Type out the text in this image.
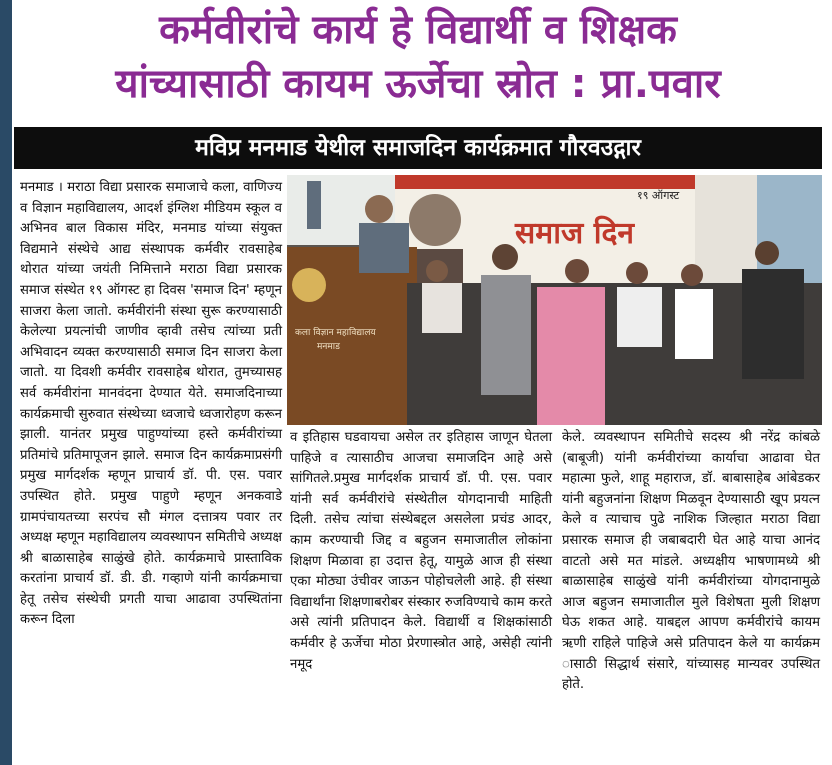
कर्मवीरांचे कार्य हे विद्यार्थी व शिक्षक
यांच्यासाठी कायम ऊर्जेचा स्रोत : प्रा.पवार
मविप्र मनमाड येथील समाजदिन कार्यक्रमात गौरवउद्गार

मनमाड । मराठा विद्या प्रसारक समाजाचे कला, वाणिज्य व विज्ञान महाविद्यालय, आदर्श इंग्लिश मीडियम स्कूल व अभिनव बाल विकास मंदिर, मनमाड यांच्या संयुक्त विद्यमाने संस्थेचे आद्य संस्थापक कर्मवीर रावसाहेब थोरात यांच्या जयंती निमित्ताने मराठा विद्या प्रसारक समाज संस्थेत १९ ऑगस्ट हा दिवस 'समाज दिन' म्हणून साजरा केला जातो. कर्मवीरांनी संस्था सुरू करण्यासाठी केलेल्या प्रयत्नांची जाणीव व्हावी तसेच त्यांच्या प्रती अभिवादन व्यक्त करण्यासाठी समाज दिन साजरा केला जातो. या दिवशी कर्मवीर रावसाहेब थोरात, तुमच्यासह सर्व कर्मवीरांना मानवंदना देण्यात येते. समाजदिनाच्या कार्यक्रमाची सुरुवात संस्थेच्या ध्वजाचे ध्वजारोहण करून झाली. यानंतर प्रमुख पाहुण्यांच्या हस्ते कर्मवीरांच्या प्रतिमांचे प्रतिमापूजन झाले. समाज दिन कार्यक्रमाप्रसंगी प्रमुख मार्गदर्शक म्हणून प्राचार्य डॉ. पी. एस. पवार उपस्थित होते. प्रमुख पाहुणे म्हणून अनकवाडे ग्रामपंचायतच्या सरपंच सौ मंगल दत्तात्रय पवार तर अध्यक्ष म्हणून महाविद्यालय व्यवस्थापन समितीचे अध्यक्ष श्री बाळासाहेब साळुंखे होते. कार्यक्रमाचे प्रास्ताविक करतांना प्राचार्य डॉ. डी. डी. गव्हाणे यांनी कार्यक्रमाचा हेतू तसेच संस्थेची प्रगती याचा आढावा उपस्थितांना करून दिला

समाज दिन
१९ ऑगस्ट
कला विज्ञान महाविद्यालय
मनमाड

व इतिहास घडवायचा असेल तर इतिहास जाणून घेतला पाहिजे व त्यासाठीच आजचा समाजदिन आहे असे सांगितले.प्रमुख मार्गदर्शक प्राचार्य डॉ. पी. एस. पवार यांनी सर्व कर्मवीरांचे संस्थेतील योगदानाची माहिती दिली. तसेच त्यांचा संस्थेबद्दल असलेला प्रचंड आदर, काम करण्याची जिद्द व बहुजन समाजातील लोकांना शिक्षण मिळावा हा उदात्त हेतू, यामुळे आज ही संस्था एका मोठ्या उंचीवर जाऊन पोहोचलेली आहे. ही संस्था विद्यार्थांना शिक्षणाबरोबर संस्कार रुजविण्याचे काम करते असे त्यांनी प्रतिपादन केले. विद्यार्थी व शिक्षकांसाठी कर्मवीर हे ऊर्जेचा मोठा प्रेरणास्त्रोत आहे, असेही त्यांनी नमूद

केले. व्यवस्थापन समितीचे सदस्य श्री नरेंद्र कांबळे (बाबूजी) यांनी कर्मवीरांच्या कार्याचा आढावा घेत महात्मा फुले, शाहू महाराज, डॉ. बाबासाहेब आंबेडकर यांनी बहुजनांना शिक्षण मिळवून देण्यासाठी खूप प्रयत्न केले व त्याचाच पुढे नाशिक जिल्हात मराठा विद्या प्रसारक समाज ही जबाबदारी घेत आहे याचा आनंद वाटतो असे मत मांडले. अध्यक्षीय भाषणामध्ये श्री बाळासाहेब साळुंखे यांनी कर्मवीरांच्या योगदानामुळे आज बहुजन समाजातील मुले विशेषता मुली शिक्षण घेऊ शकत आहे. याबद्दल आपण कर्मवीरांचे कायम ऋणी राहिले पाहिजे असे प्रतिपादन केले या कार्यक्रम ासाठी सिद्धार्थ संसारे, यांच्यासह मान्यवर उपस्थित होते.
